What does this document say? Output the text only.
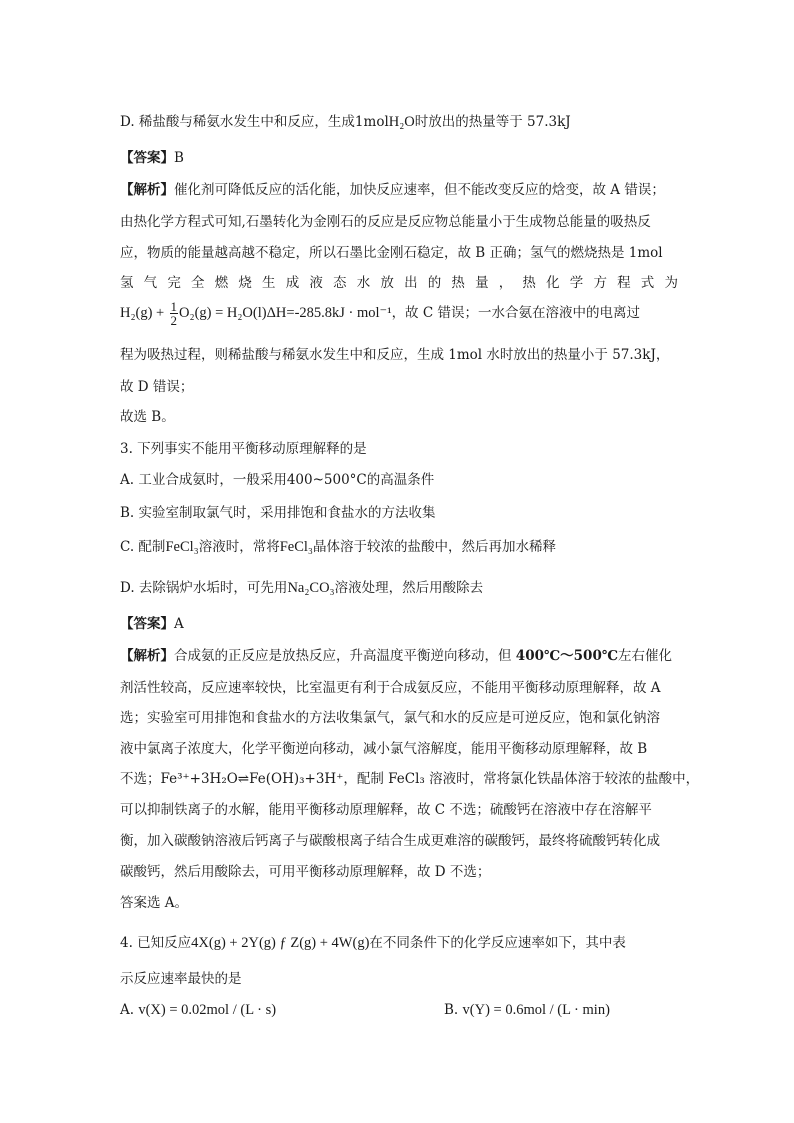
D. 稀盐酸与稀氨水发生中和反应，生成1molH₂O时放出的热量等于 57.3kJ
【答案】B
【解析】催化剂可降低反应的活化能，加快反应速率，但不能改变反应的焓变，故 A 错误；
由热化学方程式可知,石墨转化为金刚石的反应是反应物总能量小于生成物总能量的吸热反
应，物质的能量越高越不稳定，所以石墨比金刚石稳定，故 B 正确；氢气的燃烧热是 1mol
氢 气 完 全 燃 烧 生 成 液 态 水 放 出 的 热 量 ， 热 化 学 方 程 式 为
$H_2(g) + \frac{1}{2} O_2(g) = H_2O(l)\Delta H=-285.8kJ \cdot mol^{-1}$，故 C 错误；一水合氨在溶液中的电离过
程为吸热过程，则稀盐酸与稀氨水发生中和反应，生成 1mol 水时放出的热量小于 57.3kJ，
故 D 错误；
故选 B。
3. 下列事实不能用平衡移动原理解释的是
A. 工业合成氨时，一般采用400~500°C的高温条件
B. 实验室制取氯气时，采用排饱和食盐水的方法收集
C. 配制FeCl₃溶液时，常将FeCl₃晶体溶于较浓的盐酸中，然后再加水稀释
D. 去除锅炉水垢时，可先用Na₂CO₃溶液处理，然后用酸除去
【答案】A
【解析】合成氨的正反应是放热反应，升高温度平衡逆向移动，但 400℃～500℃左右催化
剂活性较高，反应速率较快，比室温更有利于合成氨反应，不能用平衡移动原理解释，故 A
选；实验室可用排饱和食盐水的方法收集氯气，氯气和水的反应是可逆反应，饱和氯化钠溶
液中氯离子浓度大，化学平衡逆向移动，减小氯气溶解度，能用平衡移动原理解释，故 B
不选；Fe³⁺+3H₂O⇌Fe(OH)₃+3H⁺，配制 FeCl₃ 溶液时，常将氯化铁晶体溶于较浓的盐酸中，
可以抑制铁离子的水解，能用平衡移动原理解释，故 C 不选；硫酸钙在溶液中存在溶解平
衡，加入碳酸钠溶液后钙离子与碳酸根离子结合生成更难溶的碳酸钙，最终将硫酸钙转化成
碳酸钙，然后用酸除去，可用平衡移动原理解释，故 D 不选；
答案选 A。
4. 已知反应4X(g) + 2Y(g) ƒ Z(g) + 4W(g)在不同条件下的化学反应速率如下，其中表
示反应速率最快的是
A. v(X) = 0.02mol / (L · s)	B. v(Y) = 0.6mol / (L · min)
